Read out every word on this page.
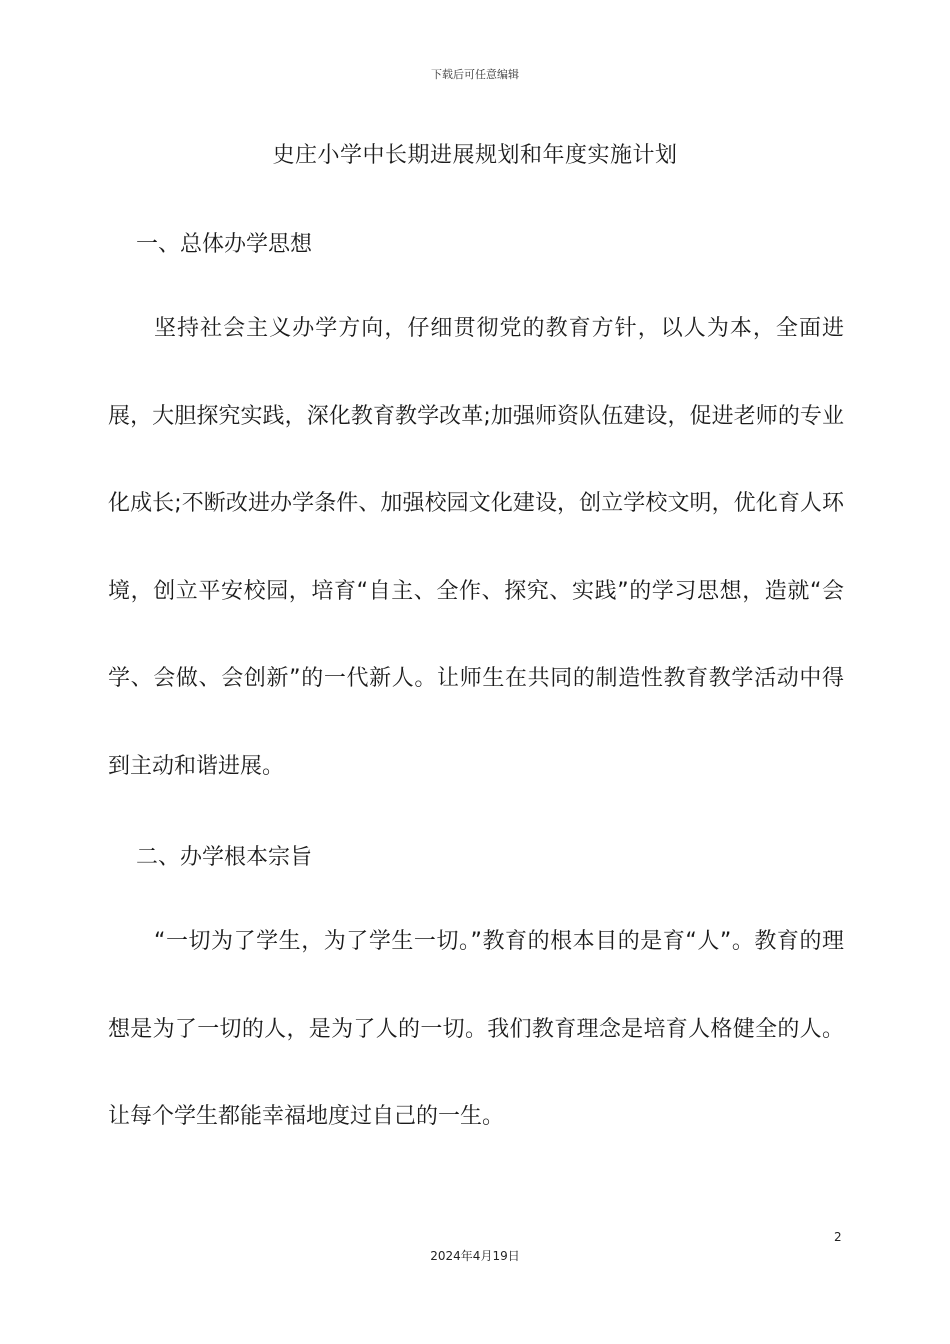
下载后可任意编辑
史庄小学中长期进展规划和年度实施计划
一、总体办学思想

坚持社会主义办学方向，仔细贯彻党的教育方针，以人为本，全面进展，大胆探究实践，深化教育教学改革;加强师资队伍建设，促进老师的专业化成长;不断改进办学条件、加强校园文化建设，创立学校文明，优化育人环境，创立平安校园，培育“自主、全作、探究、实践”的学习思想，造就“会学、会做、会创新”的一代新人。让师生在共同的制造性教育教学活动中得到主动和谐进展。

二、办学根本宗旨

“一切为了学生，为了学生一切。”教育的根本目的是育“人”。教育的理想是为了一切的人，是为了人的一切。我们教育理念是培育人格健全的人。让每个学生都能幸福地度过自己的一生。

2
2024年4月19日
